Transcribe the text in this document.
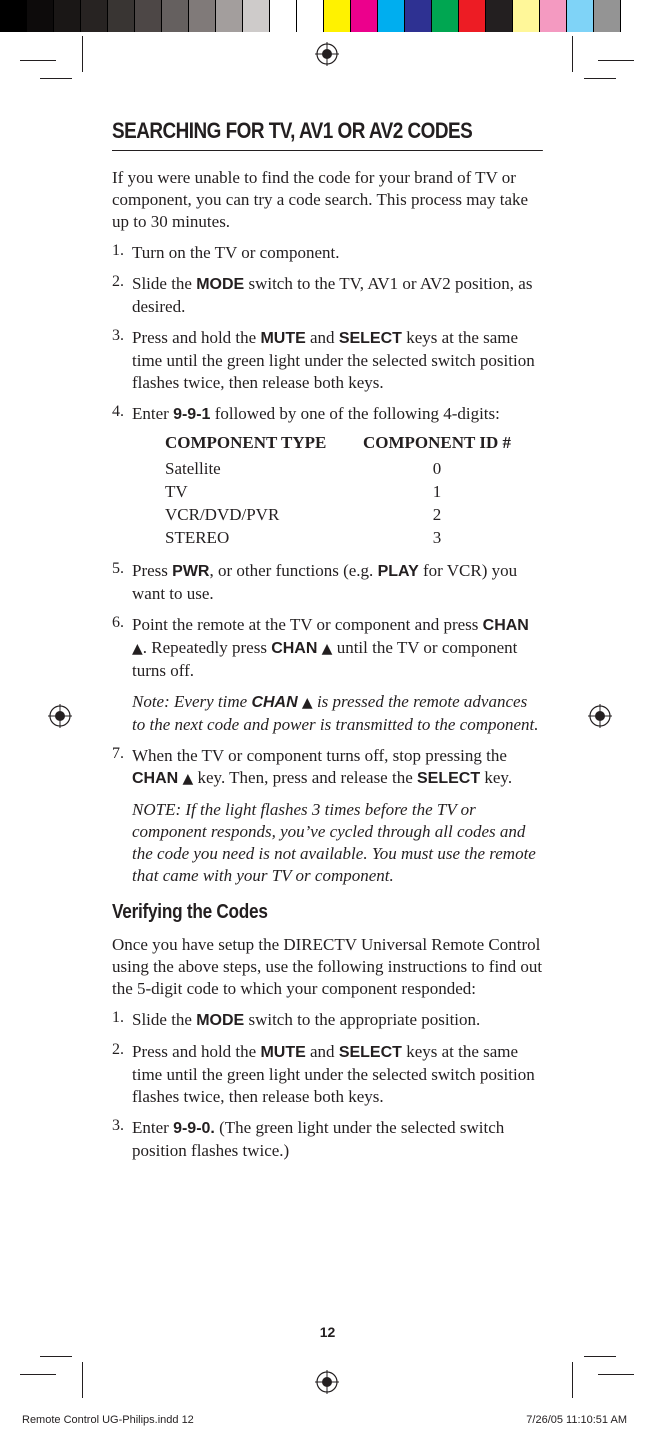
SEARCHING FOR TV, AV1 OR AV2 CODES

If you were unable to find the code for your brand of TV or component, you can try a code search. This process may take up to 30 minutes.

1. Turn on the TV or component.

2. Slide the MODE switch to the TV, AV1 or AV2 position, as desired.

3. Press and hold the MUTE and SELECT keys at the same time until the green light under the selected switch position flashes twice, then release both keys.

4. Enter 9-9-1 followed by one of the following 4-digits:

COMPONENT TYPE	COMPONENT ID #
Satellite	0
TV	1
VCR/DVD/PVR	2
STEREO	3
5. Press PWR, or other functions (e.g. PLAY for VCR) you want to use.

6. Point the remote at the TV or component and press CHAN ▲. Repeatedly press CHAN ▲ until the TV or component turns off.

Note: Every time CHAN ▲ is pressed the remote advances to the next code and power is transmitted to the component.

7. When the TV or component turns off, stop pressing the CHAN ▲ key. Then, press and release the SELECT key.

NOTE: If the light flashes 3 times before the TV or component responds, you’ve cycled through all codes and the code you need is not available. You must use the remote that came with your TV or component.

Verifying the Codes

Once you have setup the DIRECTV Universal Remote Control using the above steps, use the following instructions to find out the 5-digit code to which your component responded:

1. Slide the MODE switch to the appropriate position.

2. Press and hold the MUTE and SELECT keys at the same time until the green light under the selected switch position flashes twice, then release both keys.

3. Enter 9-9-0. (The green light under the selected switch position flashes twice.)

12
Remote Control UG-Philips.indd 12	7/26/05 11:10:51 AM
